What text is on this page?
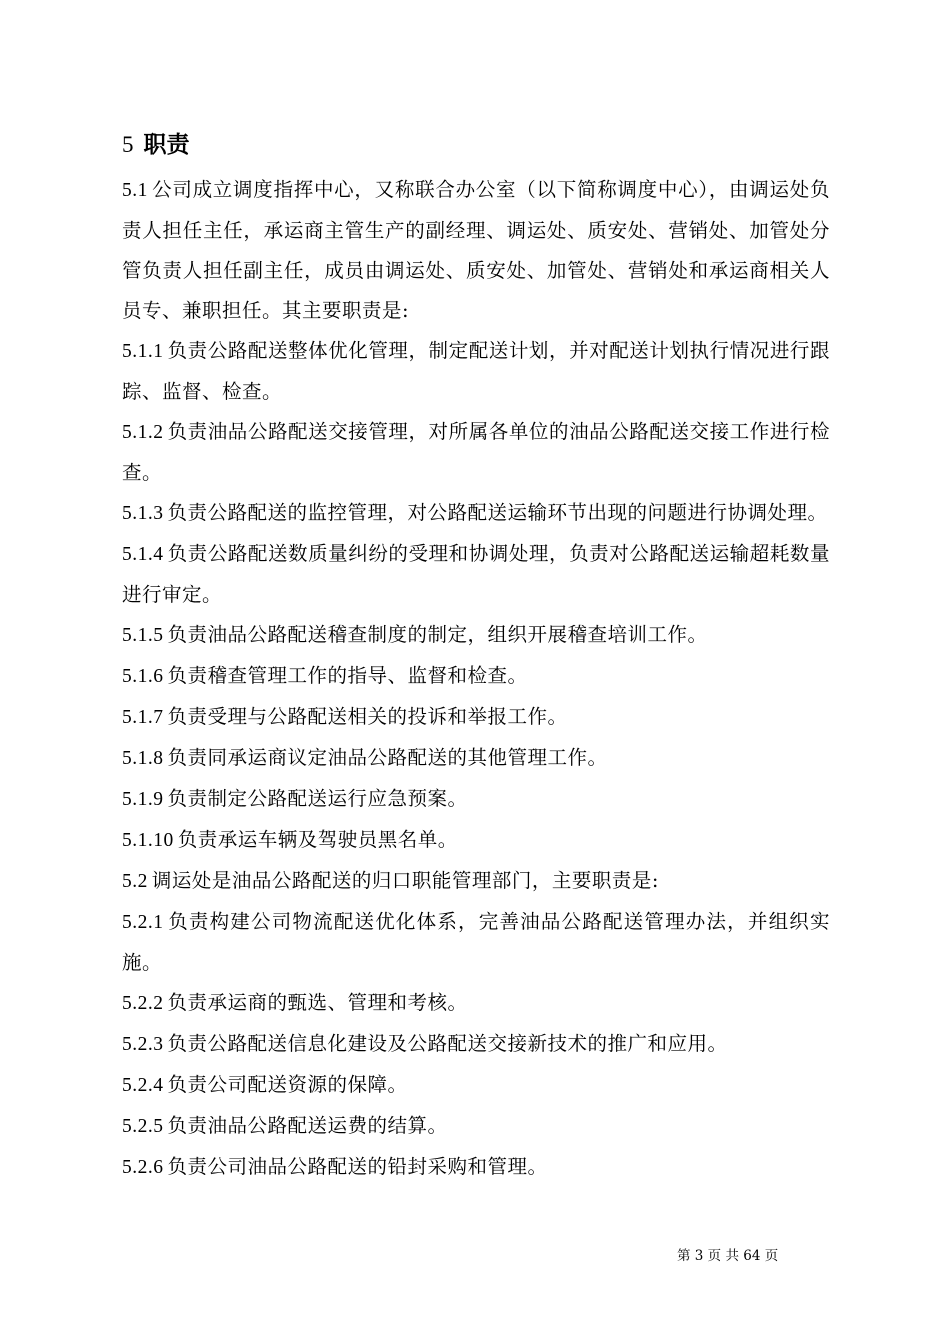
5 职责

5.1 公司成立调度指挥中心，又称联合办公室（以下简称调度中心），由调运处负责人担任主任，承运商主管生产的副经理、调运处、质安处、营销处、加管处分管负责人担任副主任，成员由调运处、质安处、加管处、营销处和承运商相关人员专、兼职担任。其主要职责是:

5.1.1 负责公路配送整体优化管理，制定配送计划，并对配送计划执行情况进行跟踪、监督、检查。

5.1.2 负责油品公路配送交接管理，对所属各单位的油品公路配送交接工作进行检查。

5.1.3 负责公路配送的监控管理，对公路配送运输环节出现的问题进行协调处理。

5.1.4 负责公路配送数质量纠纷的受理和协调处理，负责对公路配送运输超耗数量进行审定。

5.1.5 负责油品公路配送稽查制度的制定，组织开展稽查培训工作。

5.1.6 负责稽查管理工作的指导、监督和检查。

5.1.7 负责受理与公路配送相关的投诉和举报工作。

5.1.8 负责同承运商议定油品公路配送的其他管理工作。

5.1.9 负责制定公路配送运行应急预案。

5.1.10 负责承运车辆及驾驶员黑名单。

5.2 调运处是油品公路配送的归口职能管理部门，主要职责是:

5.2.1 负责构建公司物流配送优化体系，完善油品公路配送管理办法，并组织实施。

5.2.2 负责承运商的甄选、管理和考核。

5.2.3 负责公路配送信息化建设及公路配送交接新技术的推广和应用。

5.2.4 负责公司配送资源的保障。

5.2.5 负责油品公路配送运费的结算。

5.2.6 负责公司油品公路配送的铅封采购和管理。

第 3 页 共 64 页
